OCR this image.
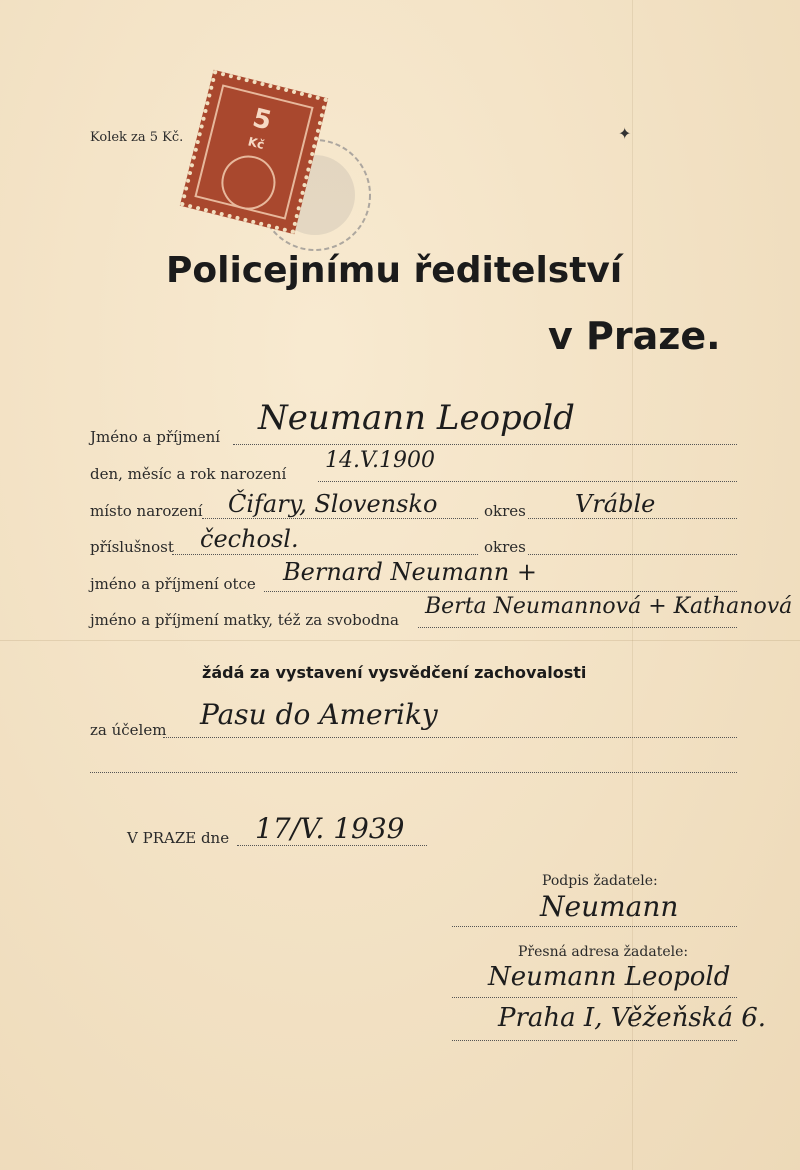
Kolek za 5 Kč.
5
Kč
✦
Policejnímu ředitelství
v Praze.
Jméno a příjmení Neumann Leopold
den, měsíc a rok narození
14.V.1900
místo narození Čifary, Slovensko	okres Vráble
příslušnost čechosl.	okres
jméno a příjmení otce Bernard Neumann +
jméno a příjmení matky, též za svobodna
Berta Neumannová + Kathanová
žádá za vystavení vysvědčení zachovalosti
za účelem Pasu do Ameriky
V PRAZE dne 17/V. 1939
Podpis žadatele:
Neumann
Přesná adresa žadatele:
Neumann Leopold
Praha I, Věžeňská 6.
